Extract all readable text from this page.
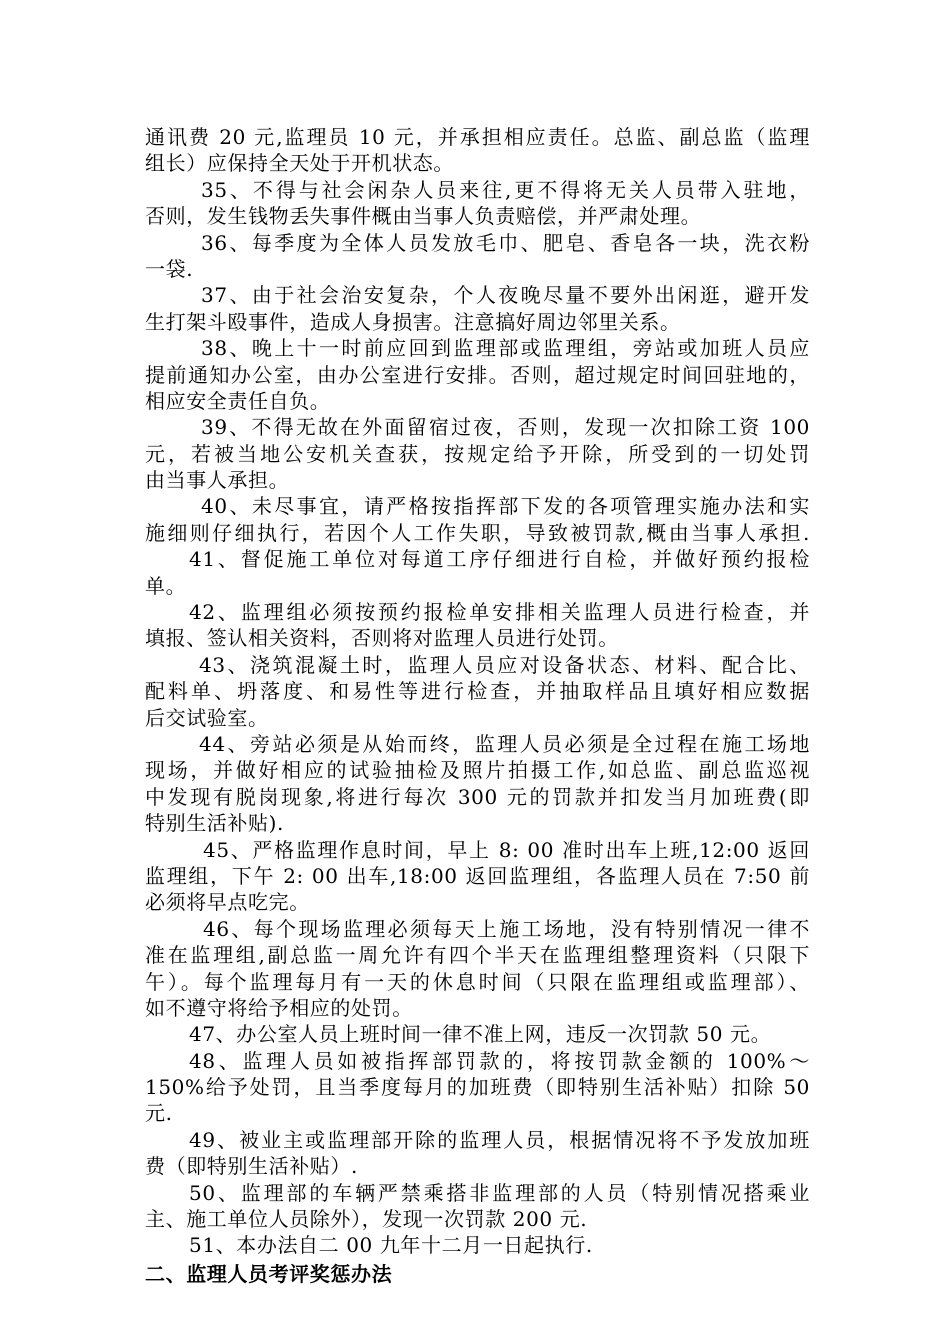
通讯费 20 元,监理员 10 元，并承担相应责任。总监、副总监（监理
组长）应保持全天处于开机状态。
35、不得与社会闲杂人员来往,更不得将无关人员带入驻地，
否则，发生钱物丢失事件概由当事人负责赔偿，并严肃处理。
36、每季度为全体人员发放毛巾、肥皂、香皂各一块，洗衣粉
一袋.
37、由于社会治安复杂，个人夜晚尽量不要外出闲逛，避开发
生打架斗殴事件，造成人身损害。注意搞好周边邻里关系。
38、晚上十一时前应回到监理部或监理组，旁站或加班人员应
提前通知办公室，由办公室进行安排。否则，超过规定时间回驻地的，
相应安全责任自负。
39、不得无故在外面留宿过夜，否则，发现一次扣除工资 100
元，若被当地公安机关查获，按规定给予开除，所受到的一切处罚
由当事人承担。
40、未尽事宜，请严格按指挥部下发的各项管理实施办法和实
施细则仔细执行，若因个人工作失职，导致被罚款,概由当事人承担.
41、督促施工单位对每道工序仔细进行自检，并做好预约报检
单。
42、监理组必须按预约报检单安排相关监理人员进行检查，并
填报、签认相关资料，否则将对监理人员进行处罚。
43、浇筑混凝土时，监理人员应对设备状态、材料、配合比、
配料单、坍落度、和易性等进行检查，并抽取样品且填好相应数据
后交试验室。
44、旁站必须是从始而终，监理人员必须是全过程在施工场地
现场，并做好相应的试验抽检及照片拍摄工作,如总监、副总监巡视
中发现有脱岗现象,将进行每次 300 元的罚款并扣发当月加班费(即
特别生活补贴).
45、严格监理作息时间，早上 8: 00 准时出车上班,12:00 返回
监理组，下午 2: 00 出车,18:00 返回监理组，各监理人员在 7:50 前
必须将早点吃完。
46、每个现场监理必须每天上施工场地，没有特别情况一律不
准在监理组,副总监一周允许有四个半天在监理组整理资料（只限下
午）。每个监理每月有一天的休息时间（只限在监理组或监理部）、
如不遵守将给予相应的处罚。
47、办公室人员上班时间一律不准上网，违反一次罚款 50 元。
48、监理人员如被指挥部罚款的，将按罚款金额的 100%～
150%给予处罚，且当季度每月的加班费（即特别生活补贴）扣除 50
元.
49、被业主或监理部开除的监理人员，根据情况将不予发放加班
费（即特别生活补贴）.
50、监理部的车辆严禁乘搭非监理部的人员（特别情况搭乘业
主、施工单位人员除外），发现一次罚款 200 元.
51、本办法自二 00 九年十二月一日起执行.
二、监理人员考评奖惩办法
